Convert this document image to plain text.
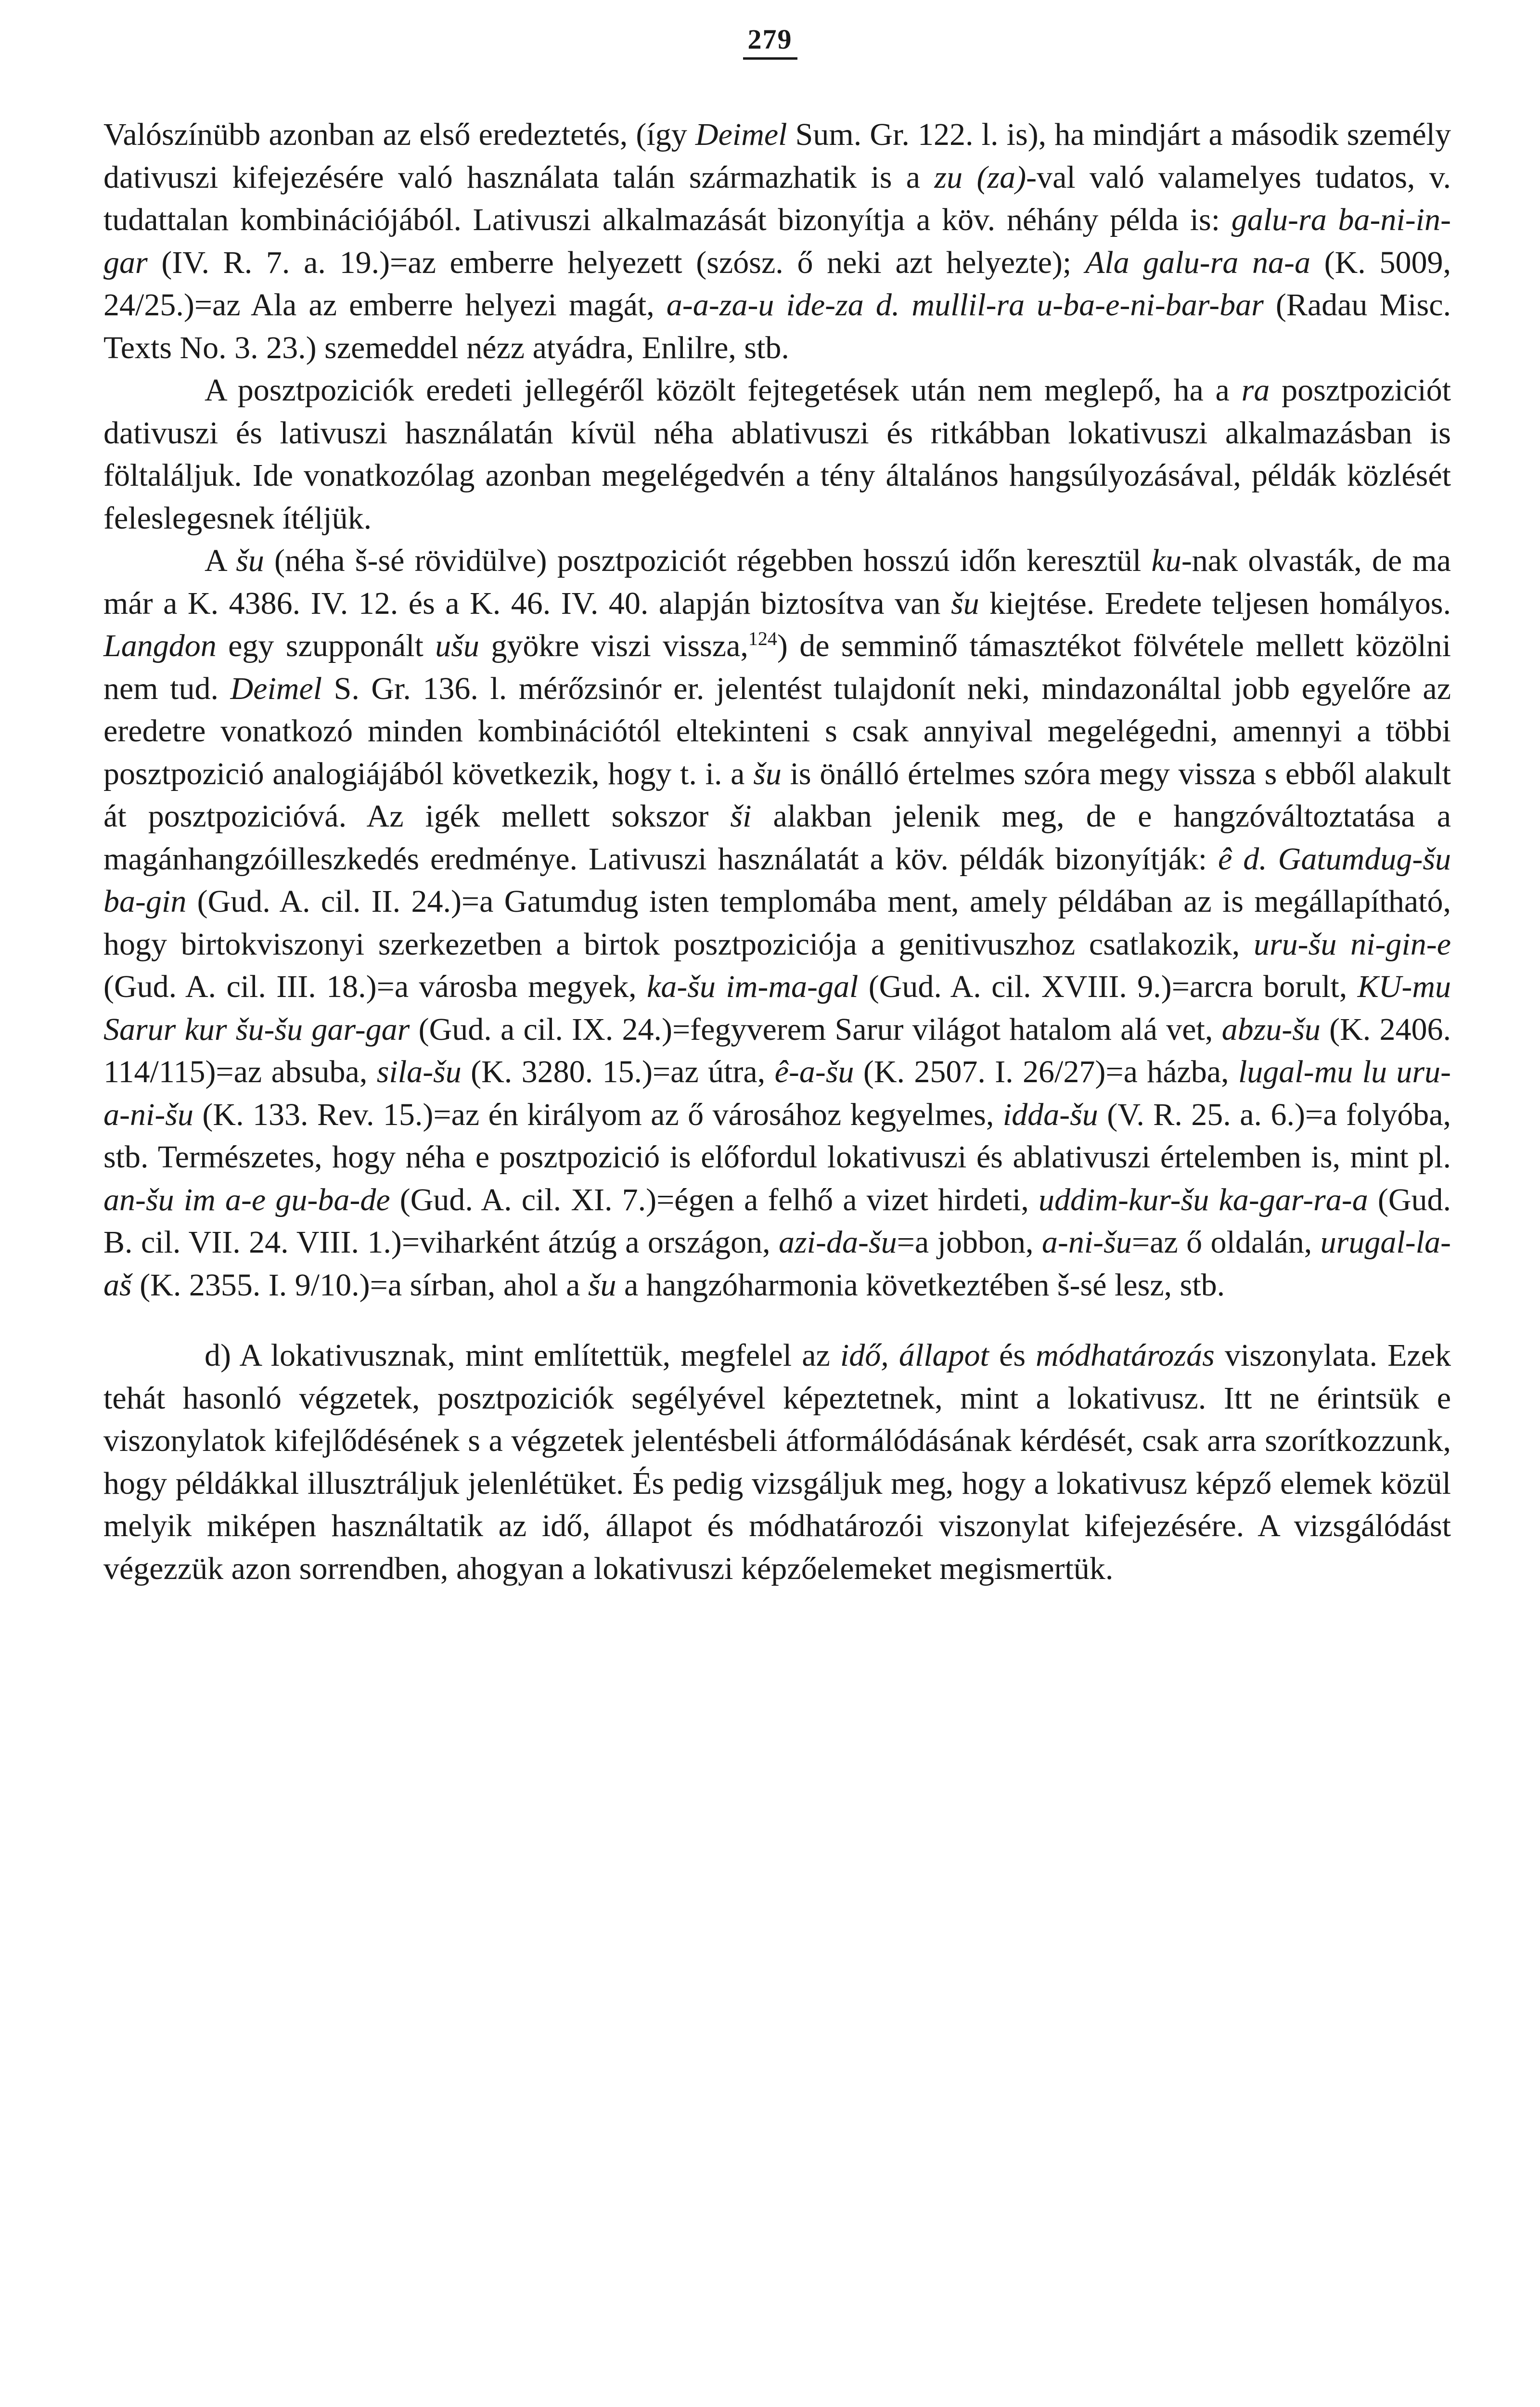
279

Valószínübb azonban az első eredeztetés, (így Deimel Sum. Gr. 122. l. is), ha mindjárt a második személy dativuszi kifejezésére való használata talán származhatik is a zu (za)-val való valamelyes tudatos, v. tudattalan kombinációjából. Lativuszi alkalmazását bizonyítja a köv. néhány példa is: galu-ra ba-ni-in-gar (IV. R. 7. a. 19.)=az emberre helyezett (szósz. ő neki azt helyezte); Ala galu-ra na-a (K. 5009, 24/25.)=az Ala az emberre helyezi magát, a-a-za-u ide-za d. mullil-ra u-ba-e-ni-bar-bar (Radau Misc. Texts No. 3. 23.) szemeddel nézz atyádra, Enlilre, stb.

A posztpoziciók eredeti jellegéről közölt fejtegetések után nem meglepő, ha a ra posztpoziciót dativuszi és lativuszi használatán kívül néha ablativuszi és ritkábban lokativuszi alkalmazásban is föltaláljuk. Ide vonatkozólag azonban megelégedvén a tény általános hangsúlyozásával, példák közlését feleslegesnek ítéljük.

A šu (néha š-sé rövidülve) posztpoziciót régebben hosszú időn keresztül ku-nak olvasták, de ma már a K. 4386. IV. 12. és a K. 46. IV. 40. alapján biztosítva van šu kiejtése. Eredete teljesen homályos. Langdon egy szupponált ušu gyökre viszi vissza,$^{124}$) de semminő támasztékot fölvétele mellett közölni nem tud. Deimel S. Gr. 136. l. mérőzsinór er. jelentést tulajdonít neki, mindazonáltal jobb egyelőre az eredetre vonatkozó minden kombinációtól eltekinteni s csak annyival megelégedni, amennyi a többi posztpozició analogiájából következik, hogy t. i. a šu is önálló értelmes szóra megy vissza s ebből alakult át posztpozicióvá. Az igék mellett sokszor ši alakban jelenik meg, de e hangzóváltoztatása a magánhangzóilleszkedés eredménye. Lativuszi használatát a köv. példák bizonyítják: ê d. Gatumdug-šu ba-gin (Gud. A. cil. II. 24.)=a Gatumdug isten templomába ment, amely példában az is megállapítható, hogy birtokviszonyi szerkezetben a birtok posztpoziciója a genitivuszhoz csatlakozik, uru-šu ni-gin-e (Gud. A. cil. III. 18.)=a városba megyek, ka-šu im-ma-gal (Gud. A. cil. XVIII. 9.)=arcra borult, KU-mu Sarur kur šu-šu gar-gar (Gud. a cil. IX. 24.)=fegyverem Sarur világot hatalom alá vet, abzu-šu (K. 2406. 114/115)=az absuba, sila-šu (K. 3280. 15.)=az útra, ê-a-šu (K. 2507. I. 26/27)=a házba, lugal-mu lu uru-a-ni-šu (K. 133. Rev. 15.)=az én királyom az ő városához kegyelmes, idda-šu (V. R. 25. a. 6.)=a folyóba, stb. Természetes, hogy néha e posztpozició is előfordul lokativuszi és ablativuszi értelemben is, mint pl. an-šu im a-e gu-ba-de (Gud. A. cil. XI. 7.)=égen a felhő a vizet hirdeti, uddim-kur-šu ka-gar-ra-a (Gud. B. cil. VII. 24. VIII. 1.)=viharként átzúg a országon, azi-da-šu=a jobbon, a-ni-šu=az ő oldalán, urugal-la-aš (K. 2355. I. 9/10.)=a sírban, ahol a šu a hangzóharmonia következtében š-sé lesz, stb.

d) A lokativusznak, mint említettük, megfelel az idő, állapot és módhatározás viszonylata. Ezek tehát hasonló végzetek, posztpoziciók segélyével képeztetnek, mint a lokativusz. Itt ne érintsük e viszonylatok kifejlődésének s a végzetek jelentésbeli átformálódásának kérdését, csak arra szorítkozzunk, hogy példákkal illusztráljuk jelenlétüket. És pedig vizsgáljuk meg, hogy a lokativusz képző elemek közül melyik miképen használtatik az idő, állapot és módhatározói viszonylat kifejezésére. A vizsgálódást végezzük azon sorrendben, ahogyan a lokativuszi képzőelemeket megismertük.
